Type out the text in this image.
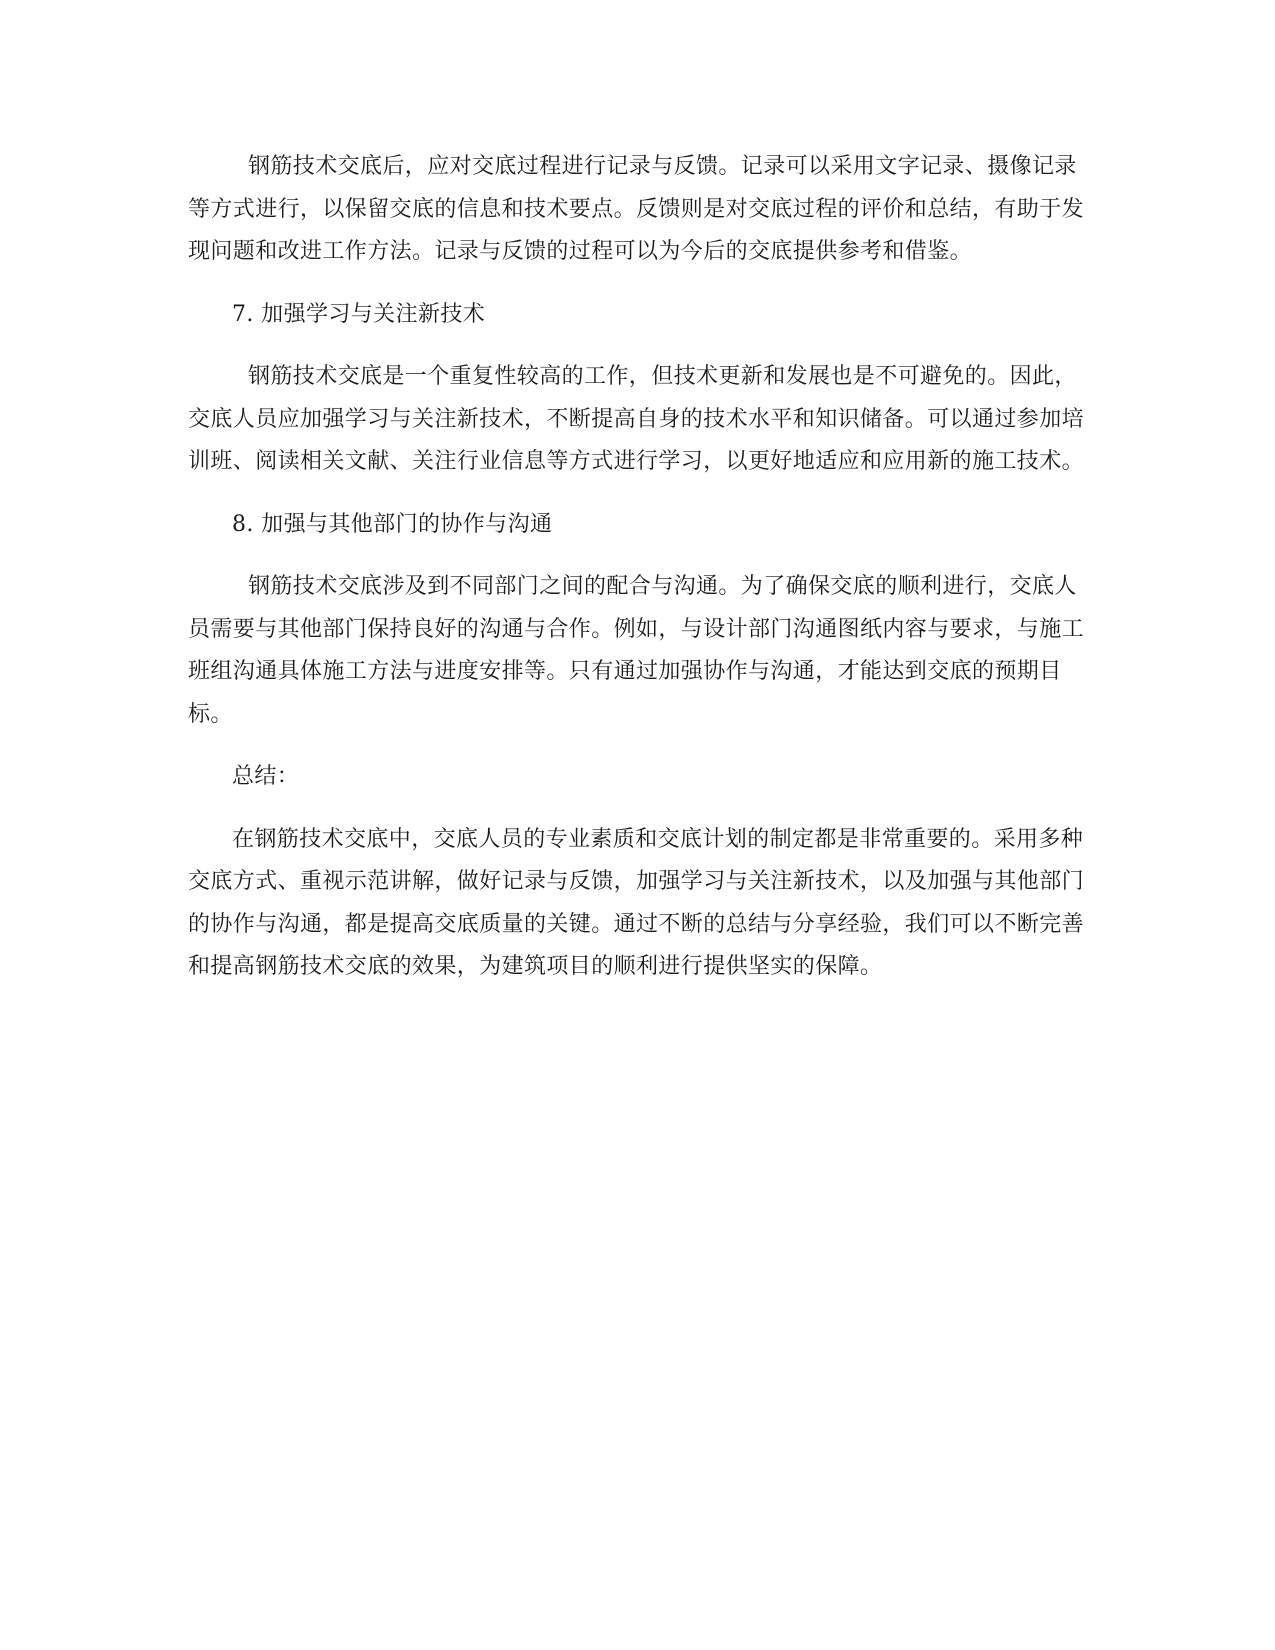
钢筋技术交底后，应对交底过程进行记录与反馈。记录可以采用文字记录、摄像记录等方式进行，以保留交底的信息和技术要点。反馈则是对交底过程的评价和总结，有助于发现问题和改进工作方法。记录与反馈的过程可以为今后的交底提供参考和借鉴。

7. 加强学习与关注新技术

钢筋技术交底是一个重复性较高的工作，但技术更新和发展也是不可避免的。因此，交底人员应加强学习与关注新技术，不断提高自身的技术水平和知识储备。可以通过参加培训班、阅读相关文献、关注行业信息等方式进行学习，以更好地适应和应用新的施工技术。

8. 加强与其他部门的协作与沟通

钢筋技术交底涉及到不同部门之间的配合与沟通。为了确保交底的顺利进行，交底人员需要与其他部门保持良好的沟通与合作。例如，与设计部门沟通图纸内容与要求，与施工班组沟通具体施工方法与进度安排等。只有通过加强协作与沟通，才能达到交底的预期目标。

总结：

在钢筋技术交底中，交底人员的专业素质和交底计划的制定都是非常重要的。采用多种交底方式、重视示范讲解，做好记录与反馈，加强学习与关注新技术，以及加强与其他部门的协作与沟通，都是提高交底质量的关键。通过不断的总结与分享经验，我们可以不断完善和提高钢筋技术交底的效果，为建筑项目的顺利进行提供坚实的保障。
